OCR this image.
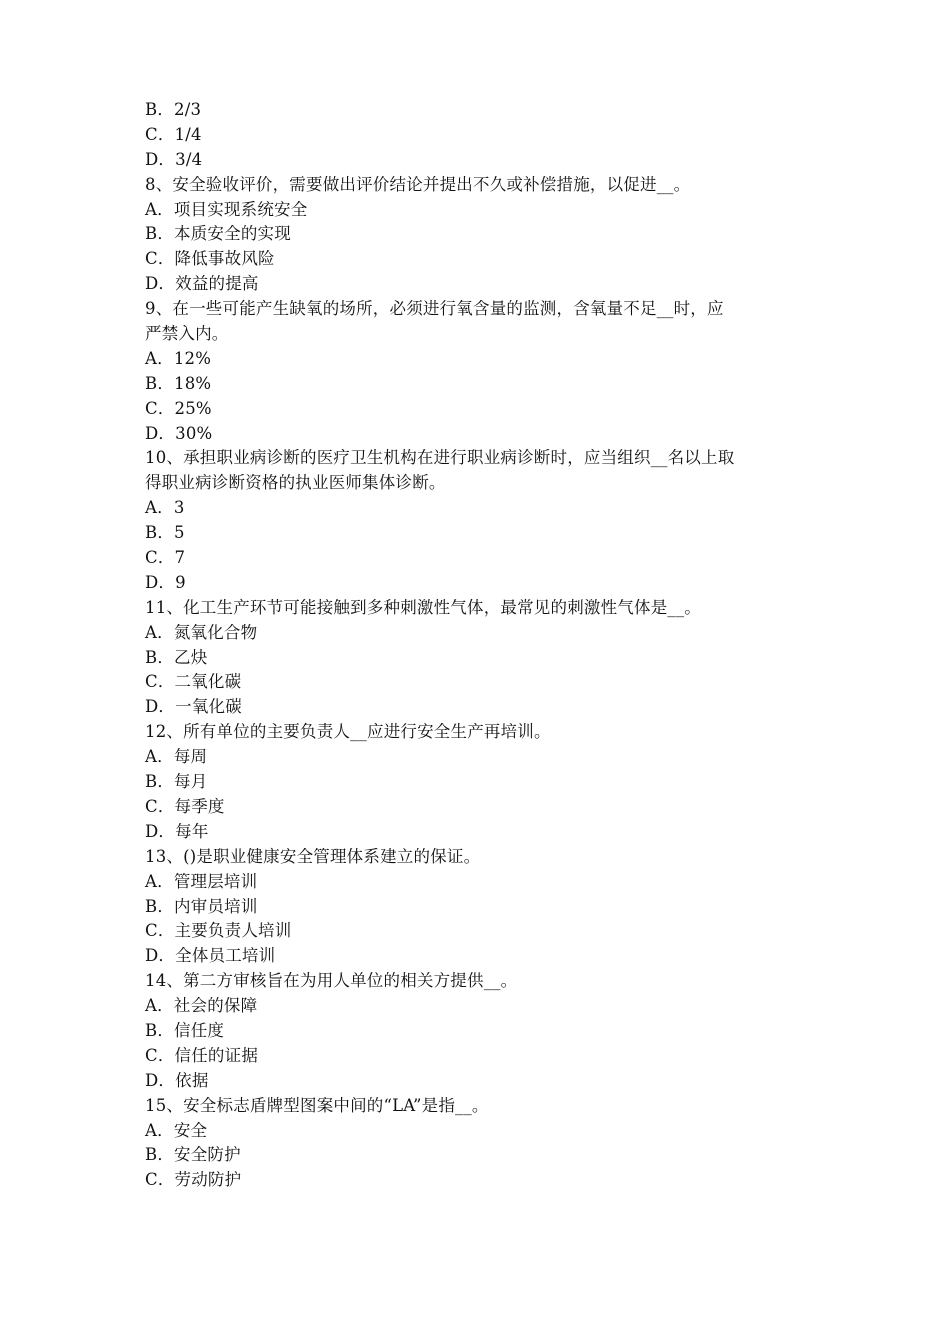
B．2/3
C．1/4
D．3/4
8、安全验收评价，需要做出评价结论并提出不久或补偿措施，以促进__。
A．项目实现系统安全
B．本质安全的实现
C．降低事故风险
D．效益的提高
9、在一些可能产生缺氧的场所，必须进行氧含量的监测，含氧量不足__时，应
严禁入内。
A．12%
B．18%
C．25%
D．30%
10、承担职业病诊断的医疗卫生机构在进行职业病诊断时，应当组织__名以上取
得职业病诊断资格的执业医师集体诊断。
A．3
B．5
C．7
D．9
11、化工生产环节可能接触到多种刺激性气体，最常见的刺激性气体是__。
A．氮氧化合物
B．乙炔
C．二氧化碳
D．一氧化碳
12、所有单位的主要负责人__应进行安全生产再培训。
A．每周
B．每月
C．每季度
D．每年
13、()是职业健康安全管理体系建立的保证。
A．管理层培训
B．内审员培训
C．主要负责人培训
D．全体员工培训
14、第二方审核旨在为用人单位的相关方提供__。
A．社会的保障
B．信任度
C．信任的证据
D．依据
15、安全标志盾牌型图案中间的“LA”是指__。
A．安全
B．安全防护
C．劳动防护
